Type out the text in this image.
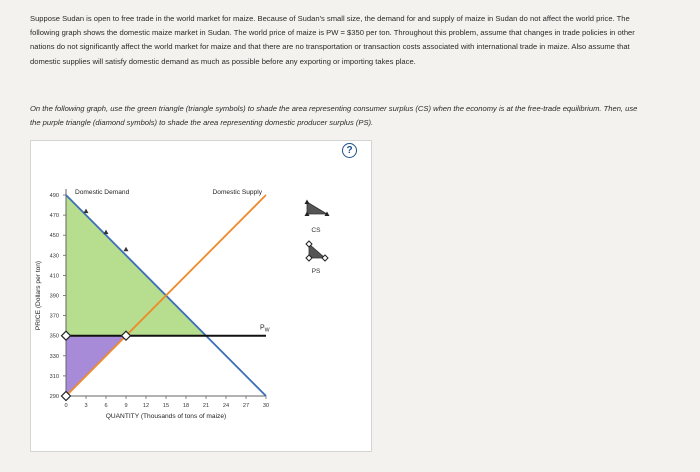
Suppose Sudan is open to free trade in the world market for maize. Because of Sudan's small size, the demand for and supply of maize in Sudan do not affect the world price. The following graph shows the domestic maize market in Sudan. The world price of maize is PW = $350 per ton. Throughout this problem, assume that changes in trade policies in other nations do not significantly affect the world market for maize and that there are no transportation or transaction costs associated with international trade in maize. Also assume that domestic supplies will satisfy domestic demand as much as possible before any exporting or importing takes place.
On the following graph, use the green triangle (triangle symbols) to shade the area representing consumer surplus (CS) when the economy is at the free-trade equilibrium. Then, use the purple triangle (diamond symbols) to shade the area representing domestic producer surplus (PS).
?
290
310
330
350
370
390
410
430
450
470
490
0	3	6	9	12 15 18 21 24 27 30
QUANTITY (Thousands of tons of maize)
PRICE (Dollars per ton)
Domestic Demand	Domestic Supply
$P_W$
CS
PS
